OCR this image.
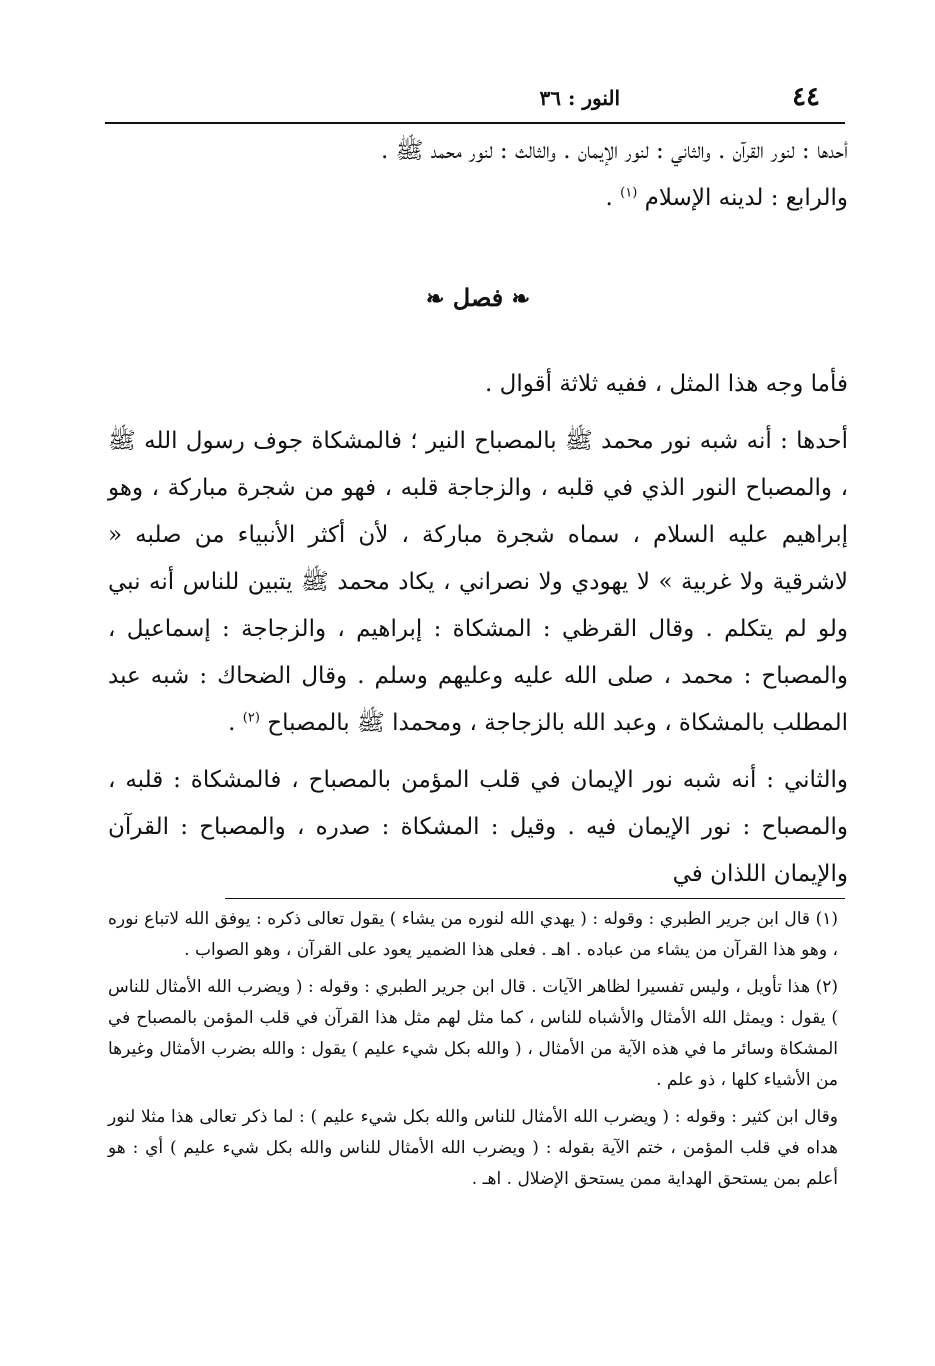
٤٤
النور : ٣٦

أحدها : لنور القرآن . والثاني : لنور الإيمان . والثالث : لنور محمد ﷺ .

والرابع : لدينه الإسلام $^{(١)}$ .

❧ فصل ❧

فأما وجه هذا المثل ، ففيه ثلاثة أقوال .

أحدها : أنه شبه نور محمد ﷺ بالمصباح النير ؛ فالمشكاة جوف رسول الله ﷺ ، والمصباح النور الذي في قلبه ، والزجاجة قلبه ، فهو من شجرة مباركة ، وهو إبراهيم عليه السلام ، سماه شجرة مباركة ، لأن أكثر الأنبياء من صلبه « لاشرقية ولا غربية » لا يهودي ولا نصراني ، يكاد محمد ﷺ يتبين للناس أنه نبي ولو لم يتكلم . وقال القرظي : المشكاة : إبراهيم ، والزجاجة : إسماعيل ، والمصباح : محمد ، صلى الله عليه وعليهم وسلم . وقال الضحاك : شبه عبد المطلب بالمشكاة ، وعبد الله بالزجاجة ، ومحمدا ﷺ بالمصباح $^{(٢)}$ .

والثاني : أنه شبه نور الإيمان في قلب المؤمن بالمصباح ، فالمشكاة : قلبه ، والمصباح : نور الإيمان فيه . وقيل : المشكاة : صدره ، والمصباح : القرآن والإيمان اللذان في

(١) قال ابن جرير الطبري : وقوله : ( يهدي الله لنوره من يشاء ) يقول تعالى ذكره : يوفق الله لاتباع نوره ، وهو هذا القرآن من يشاء من عباده . اهـ . فعلى هذا الضمير يعود على القرآن ، وهو الصواب .

(٢) هذا تأويل ، وليس تفسيرا لظاهر الآيات . قال ابن جرير الطبري : وقوله : ( ويضرب الله الأمثال للناس ) يقول : ويمثل الله الأمثال والأشباه للناس ، كما مثل لهم مثل هذا القرآن في قلب المؤمن بالمصباح في المشكاة وسائر ما في هذه الآية من الأمثال ، ( والله بكل شيء عليم ) يقول : والله بضرب الأمثال وغيرها من الأشياء كلها ، ذو علم .

وقال ابن كثير : وقوله : ( ويضرب الله الأمثال للناس والله بكل شيء عليم ) : لما ذكر تعالى هذا مثلا لنور هداه في قلب المؤمن ، ختم الآية بقوله : ( ويضرب الله الأمثال للناس والله بكل شيء عليم ) أي : هو أعلم بمن يستحق الهداية ممن يستحق الإضلال . اهـ .
